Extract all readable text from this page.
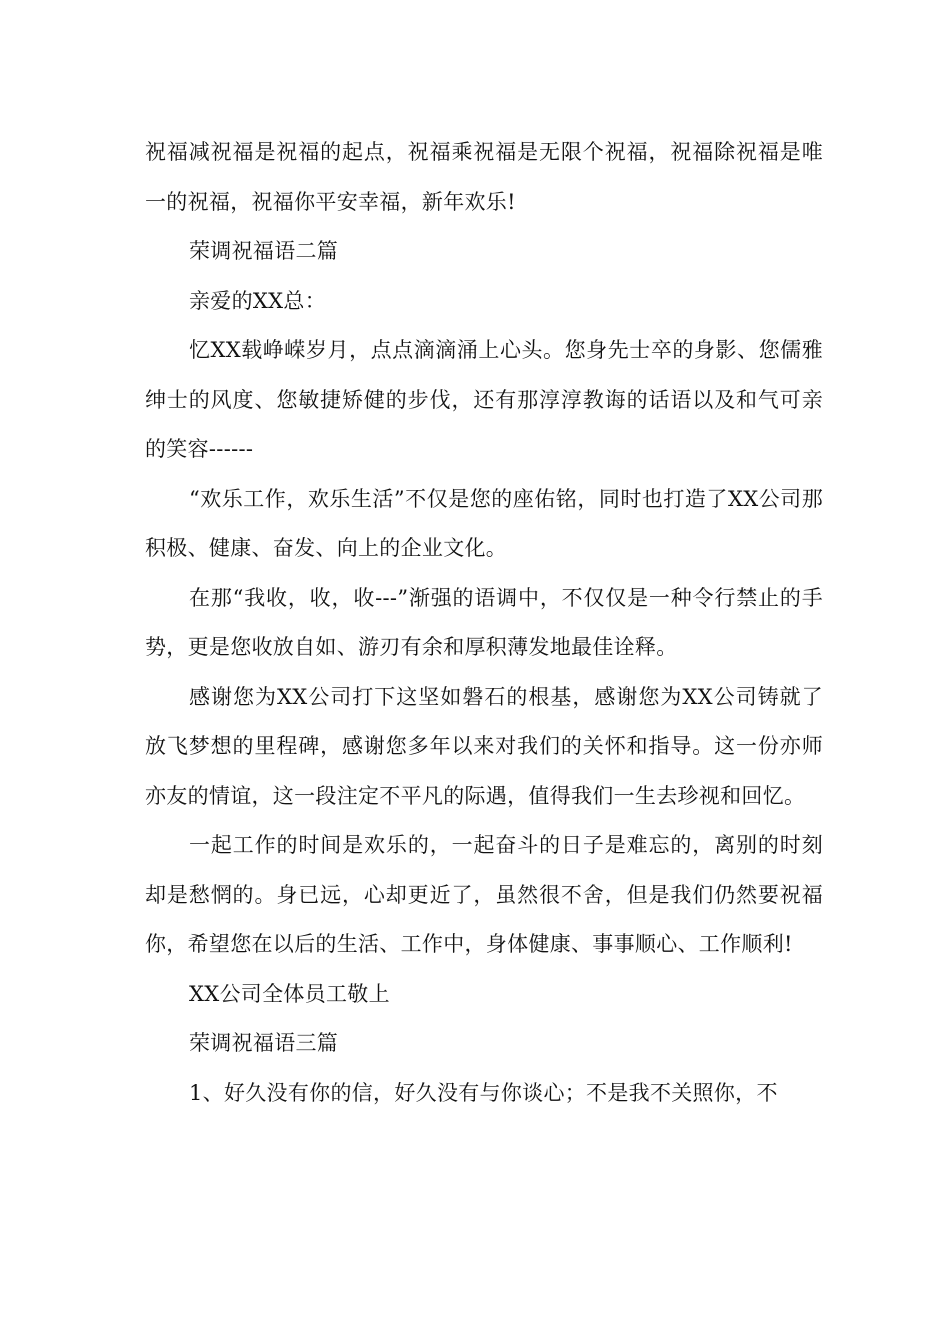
祝福减祝福是祝福的起点，祝福乘祝福是无限个祝福，祝福除祝福是唯一的祝福，祝福你平安幸福，新年欢乐!

荣调祝福语二篇

亲爱的XX总：

忆XX载峥嵘岁月，点点滴滴涌上心头。您身先士卒的身影、您儒雅绅士的风度、您敏捷矫健的步伐，还有那淳淳教诲的话语以及和气可亲的笑容------

“欢乐工作，欢乐生活”不仅是您的座佑铭，同时也打造了XX公司那积极、健康、奋发、向上的企业文化。

在那“我收，收，收---”渐强的语调中，不仅仅是一种令行禁止的手势，更是您收放自如、游刃有余和厚积薄发地最佳诠释。

感谢您为XX公司打下这坚如磐石的根基，感谢您为XX公司铸就了放飞梦想的里程碑，感谢您多年以来对我们的关怀和指导。这一份亦师亦友的情谊，这一段注定不平凡的际遇，值得我们一生去珍视和回忆。

一起工作的时间是欢乐的，一起奋斗的日子是难忘的，离别的时刻却是愁惘的。身已远，心却更近了，虽然很不舍，但是我们仍然要祝福你，希望您在以后的生活、工作中，身体健康、事事顺心、工作顺利!

XX公司全体员工敬上

荣调祝福语三篇

1、好久没有你的信，好久没有与你谈心；不是我不关照你，不
